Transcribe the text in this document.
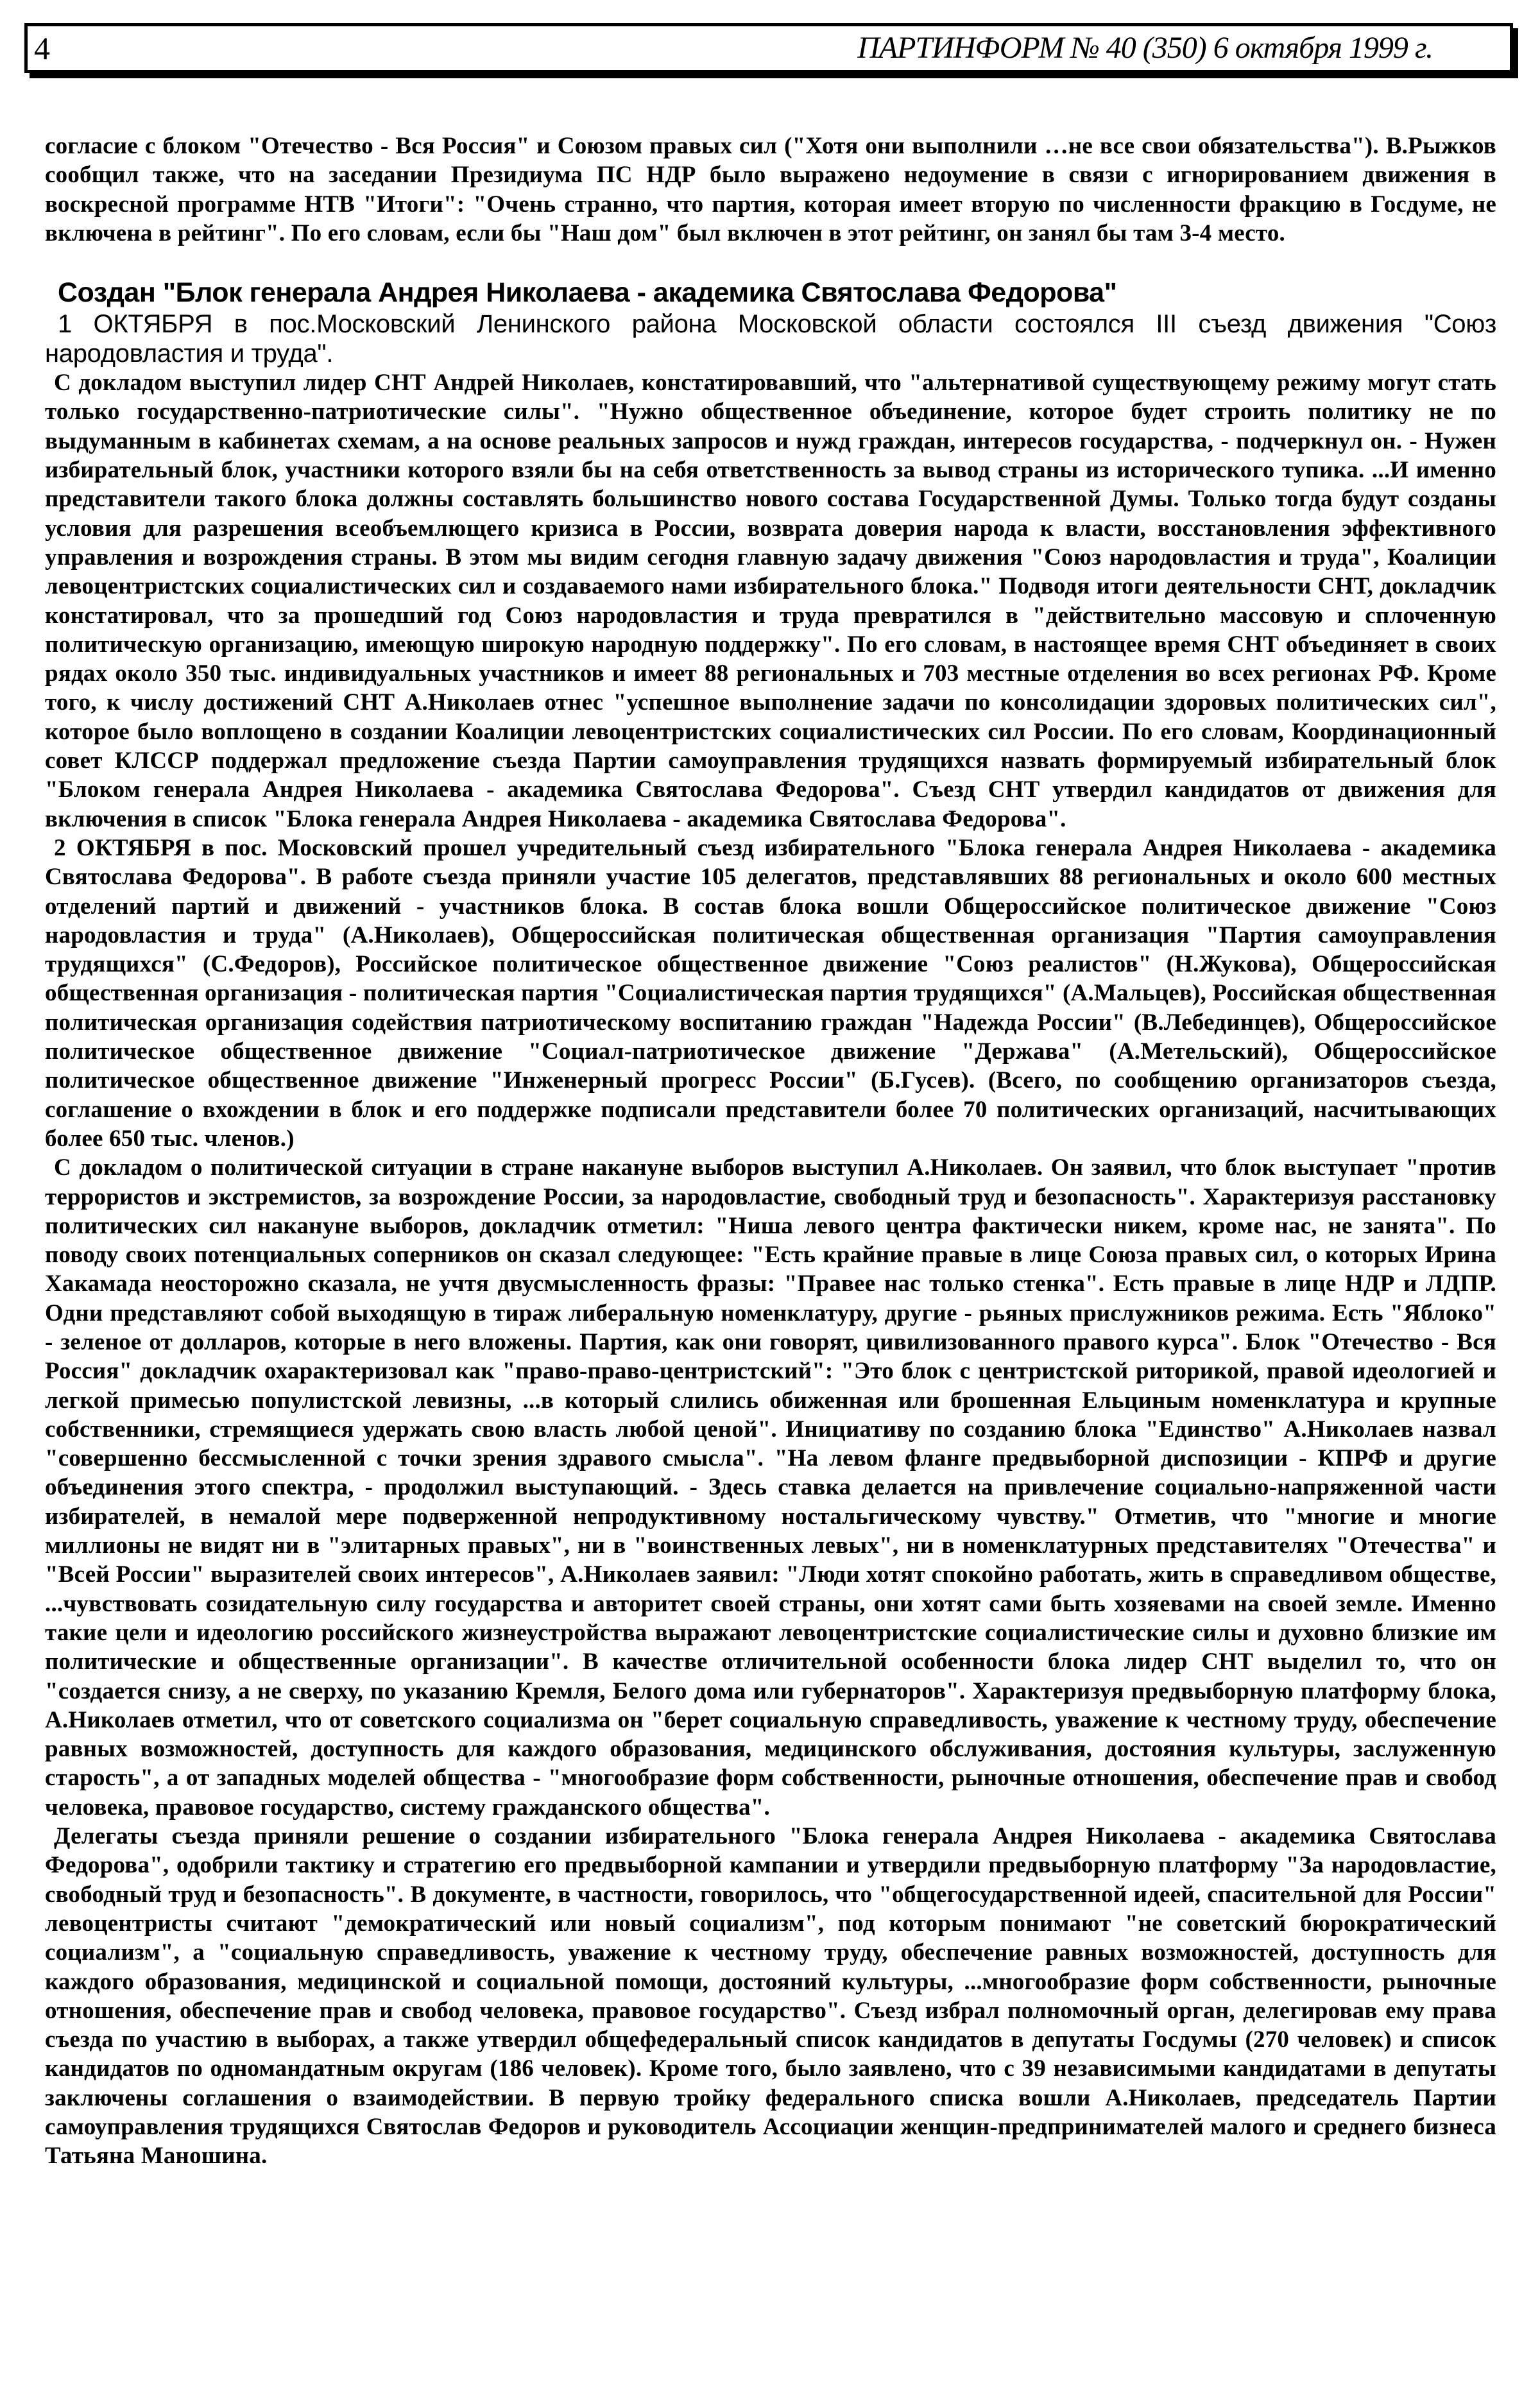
4	ПАРТИНФОРМ № 40 (350) 6 октября 1999 г.

согласие с блоком "Отечество - Вся Россия" и Союзом правых сил ("Хотя они выполнили …не все свои обязательства"). В.Рыжков сообщил также, что на заседании Президиума ПС НДР было выражено недоумение в связи с игнорированием движения в воскресной программе НТВ "Итоги": "Очень странно, что партия, которая имеет вторую по численности фракцию в Госдуме, не включена в рейтинг". По его словам, если бы "Наш дом" был включен в этот рейтинг, он занял бы там 3-4 место.

Создан "Блок генерала Андрея Николаева - академика Святослава Федорова"

1 ОКТЯБРЯ в пос.Московский Ленинского района Московской области состоялся III съезд движения "Союз народовластия и труда".

С докладом выступил лидер СНТ Андрей Николаев, констатировавший, что "альтернативой существующему режиму могут стать только государственно-патриотические силы". "Нужно общественное объединение, которое будет строить политику не по выдуманным в кабинетах схемам, а на основе реальных запросов и нужд граждан, интересов государства, - подчеркнул он. - Нужен избирательный блок, участники которого взяли бы на себя ответственность за вывод страны из исторического тупика. ...И именно представители такого блока должны составлять большинство нового состава Государственной Думы. Только тогда будут созданы условия для разрешения всеобъемлющего кризиса в России, возврата доверия народа к власти, восстановления эффективного управления и возрождения страны. В этом мы видим сегодня главную задачу движения "Союз народовластия и труда", Коалиции левоцентристских социалистических сил и создаваемого нами избирательного блока." Подводя итоги деятельности СНТ, докладчик констатировал, что за прошедший год Союз народовластия и труда превратился в "действительно массовую и сплоченную политическую организацию, имеющую широкую народную поддержку". По его словам, в настоящее время СНТ объединяет в своих рядах около 350 тыс. индивидуальных участников и имеет 88 региональных и 703 местные отделения во всех регионах РФ. Кроме того, к числу достижений СНТ А.Николаев отнес "успешное выполнение задачи по консолидации здоровых политических сил", которое было воплощено в создании Коалиции левоцентристских социалистических сил России. По его словам, Координационный совет КЛССР поддержал предложение съезда Партии самоуправления трудящихся назвать формируемый избирательный блок "Блоком генерала Андрея Николаева - академика Святослава Федорова". Съезд СНТ утвердил кандидатов от движения для включения в список "Блока генерала Андрея Николаева - академика Святослава Федорова".

2 ОКТЯБРЯ в пос. Московский прошел учредительный съезд избирательного "Блока генерала Андрея Николаева - академика Святослава Федорова". В работе съезда приняли участие 105 делегатов, представлявших 88 региональных и около 600 местных отделений партий и движений - участников блока. В состав блока вошли Общероссийское политическое движение "Союз народовластия и труда" (А.Николаев), Общероссийская политическая общественная организация "Партия самоуправления трудящихся" (С.Федоров), Российское политическое общественное движение "Союз реалистов" (Н.Жукова), Общероссийская общественная организация - политическая партия "Социалистическая партия трудящихся" (А.Мальцев), Российская общественная политическая организация содействия патриотическому воспитанию граждан "Надежда России" (В.Лебединцев), Общероссийское политическое общественное движение "Социал-патриотическое движение "Держава" (А.Метельский), Общероссийское политическое общественное движение "Инженерный прогресс России" (Б.Гусев). (Всего, по сообщению организаторов съезда, соглашение о вхождении в блок и его поддержке подписали представители более 70 политических организаций, насчитывающих более 650 тыс. членов.)

С докладом о политической ситуации в стране накануне выборов выступил А.Николаев. Он заявил, что блок выступает "против террористов и экстремистов, за возрождение России, за народовластие, свободный труд и безопасность". Характеризуя расстановку политических сил накануне выборов, докладчик отметил: "Ниша левого центра фактически никем, кроме нас, не занята". По поводу своих потенциальных соперников он сказал следующее: "Есть крайние правые в лице Союза правых сил, о которых Ирина Хакамада неосторожно сказала, не учтя двусмысленность фразы: "Правее нас только стенка". Есть правые в лице НДР и ЛДПР. Одни представляют собой выходящую в тираж либеральную номенклатуру, другие - рьяных прислужников режима. Есть "Яблоко" - зеленое от долларов, которые в него вложены. Партия, как они говорят, цивилизованного правого курса". Блок "Отечество - Вся Россия" докладчик охарактеризовал как "право-право-центристский": "Это блок с центристской риторикой, правой идеологией и легкой примесью популистской левизны, ...в который слились обиженная или брошенная Ельциным номенклатура и крупные собственники, стремящиеся удержать свою власть любой ценой". Инициативу по созданию блока "Единство" А.Николаев назвал "совершенно бессмысленной с точки зрения здравого смысла". "На левом фланге предвыборной диспозиции - КПРФ и другие объединения этого спектра, - продолжил выступающий. - Здесь ставка делается на привлечение социально-напряженной части избирателей, в немалой мере подверженной непродуктивному ностальгическому чувству." Отметив, что "многие и многие миллионы не видят ни в "элитарных правых", ни в "воинственных левых", ни в номенклатурных представителях "Отечества" и "Всей России" выразителей своих интересов", А.Николаев заявил: "Люди хотят спокойно работать, жить в справедливом обществе, ...чувствовать созидательную силу государства и авторитет своей страны, они хотят сами быть хозяевами на своей земле. Именно такие цели и идеологию российского жизнеустройства выражают левоцентристские социалистические силы и духовно близкие им политические и общественные организации". В качестве отличительной особенности блока лидер СНТ выделил то, что он "создается снизу, а не сверху, по указанию Кремля, Белого дома или губернаторов". Характеризуя предвыборную платформу блока, А.Николаев отметил, что от советского социализма он "берет социальную справедливость, уважение к честному труду, обеспечение равных возможностей, доступность для каждого образования, медицинского обслуживания, достояния культуры, заслуженную старость", а от западных моделей общества - "многообразие форм собственности, рыночные отношения, обеспечение прав и свобод человека, правовое государство, систему гражданского общества".

Делегаты съезда приняли решение о создании избирательного "Блока генерала Андрея Николаева - академика Святослава Федорова", одобрили тактику и стратегию его предвыборной кампании и утвердили предвыборную платформу "За народовластие, свободный труд и безопасность". В документе, в частности, говорилось, что "общегосударственной идеей, спасительной для России" левоцентристы считают "демократический или новый социализм", под которым понимают "не советский бюрократический социализм", а "социальную справедливость, уважение к честному труду, обеспечение равных возможностей, доступность для каждого образования, медицинской и социальной помощи, достояний культуры, ...многообразие форм собственности, рыночные отношения, обеспечение прав и свобод человека, правовое государство". Съезд избрал полномочный орган, делегировав ему права съезда по участию в выборах, а также утвердил общефедеральный список кандидатов в депутаты Госдумы (270 человек) и список кандидатов по одномандатным округам (186 человек). Кроме того, было заявлено, что с 39 независимыми кандидатами в депутаты заключены соглашения о взаимодействии. В первую тройку федерального списка вошли А.Николаев, председатель Партии самоуправления трудящихся Святослав Федоров и руководитель Ассоциации женщин-предпринимателей малого и среднего бизнеса Татьяна Маношина.
